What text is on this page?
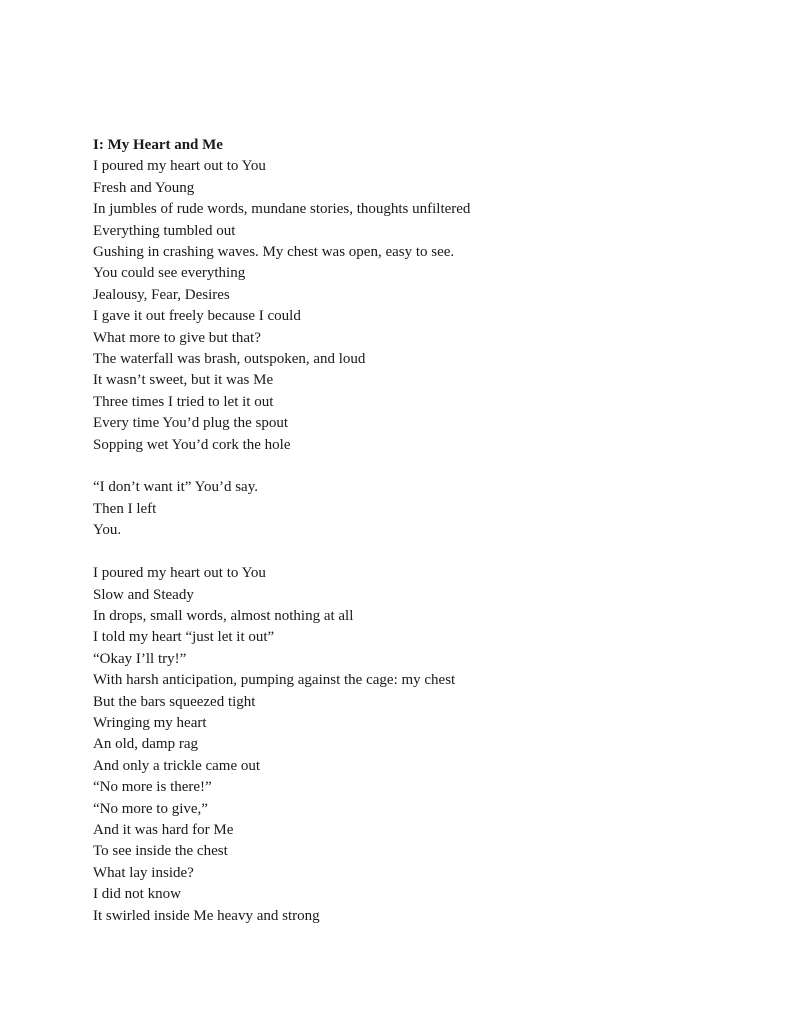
I: My Heart and Me
I poured my heart out to You
Fresh and Young
In jumbles of rude words, mundane stories, thoughts unfiltered
Everything tumbled out
Gushing in crashing waves. My chest was open, easy to see.
You could see everything
Jealousy, Fear, Desires
I gave it out freely because I could
What more to give but that?
The waterfall was brash, outspoken, and loud
It wasn’t sweet, but it was Me
Three times I tried to let it out
Every time You’d plug the spout
Sopping wet You’d cork the hole
“I don’t want it” You’d say.
Then I left
You.
I poured my heart out to You
Slow and Steady
In drops, small words, almost nothing at all
I told my heart “just let it out”
“Okay I’ll try!”
With harsh anticipation, pumping against the cage: my chest
But the bars squeezed tight
Wringing my heart
An old, damp rag
And only a trickle came out
“No more is there!”
“No more to give,”
And it was hard for Me
To see inside the chest
What lay inside?
I did not know
It swirled inside Me heavy and strong
